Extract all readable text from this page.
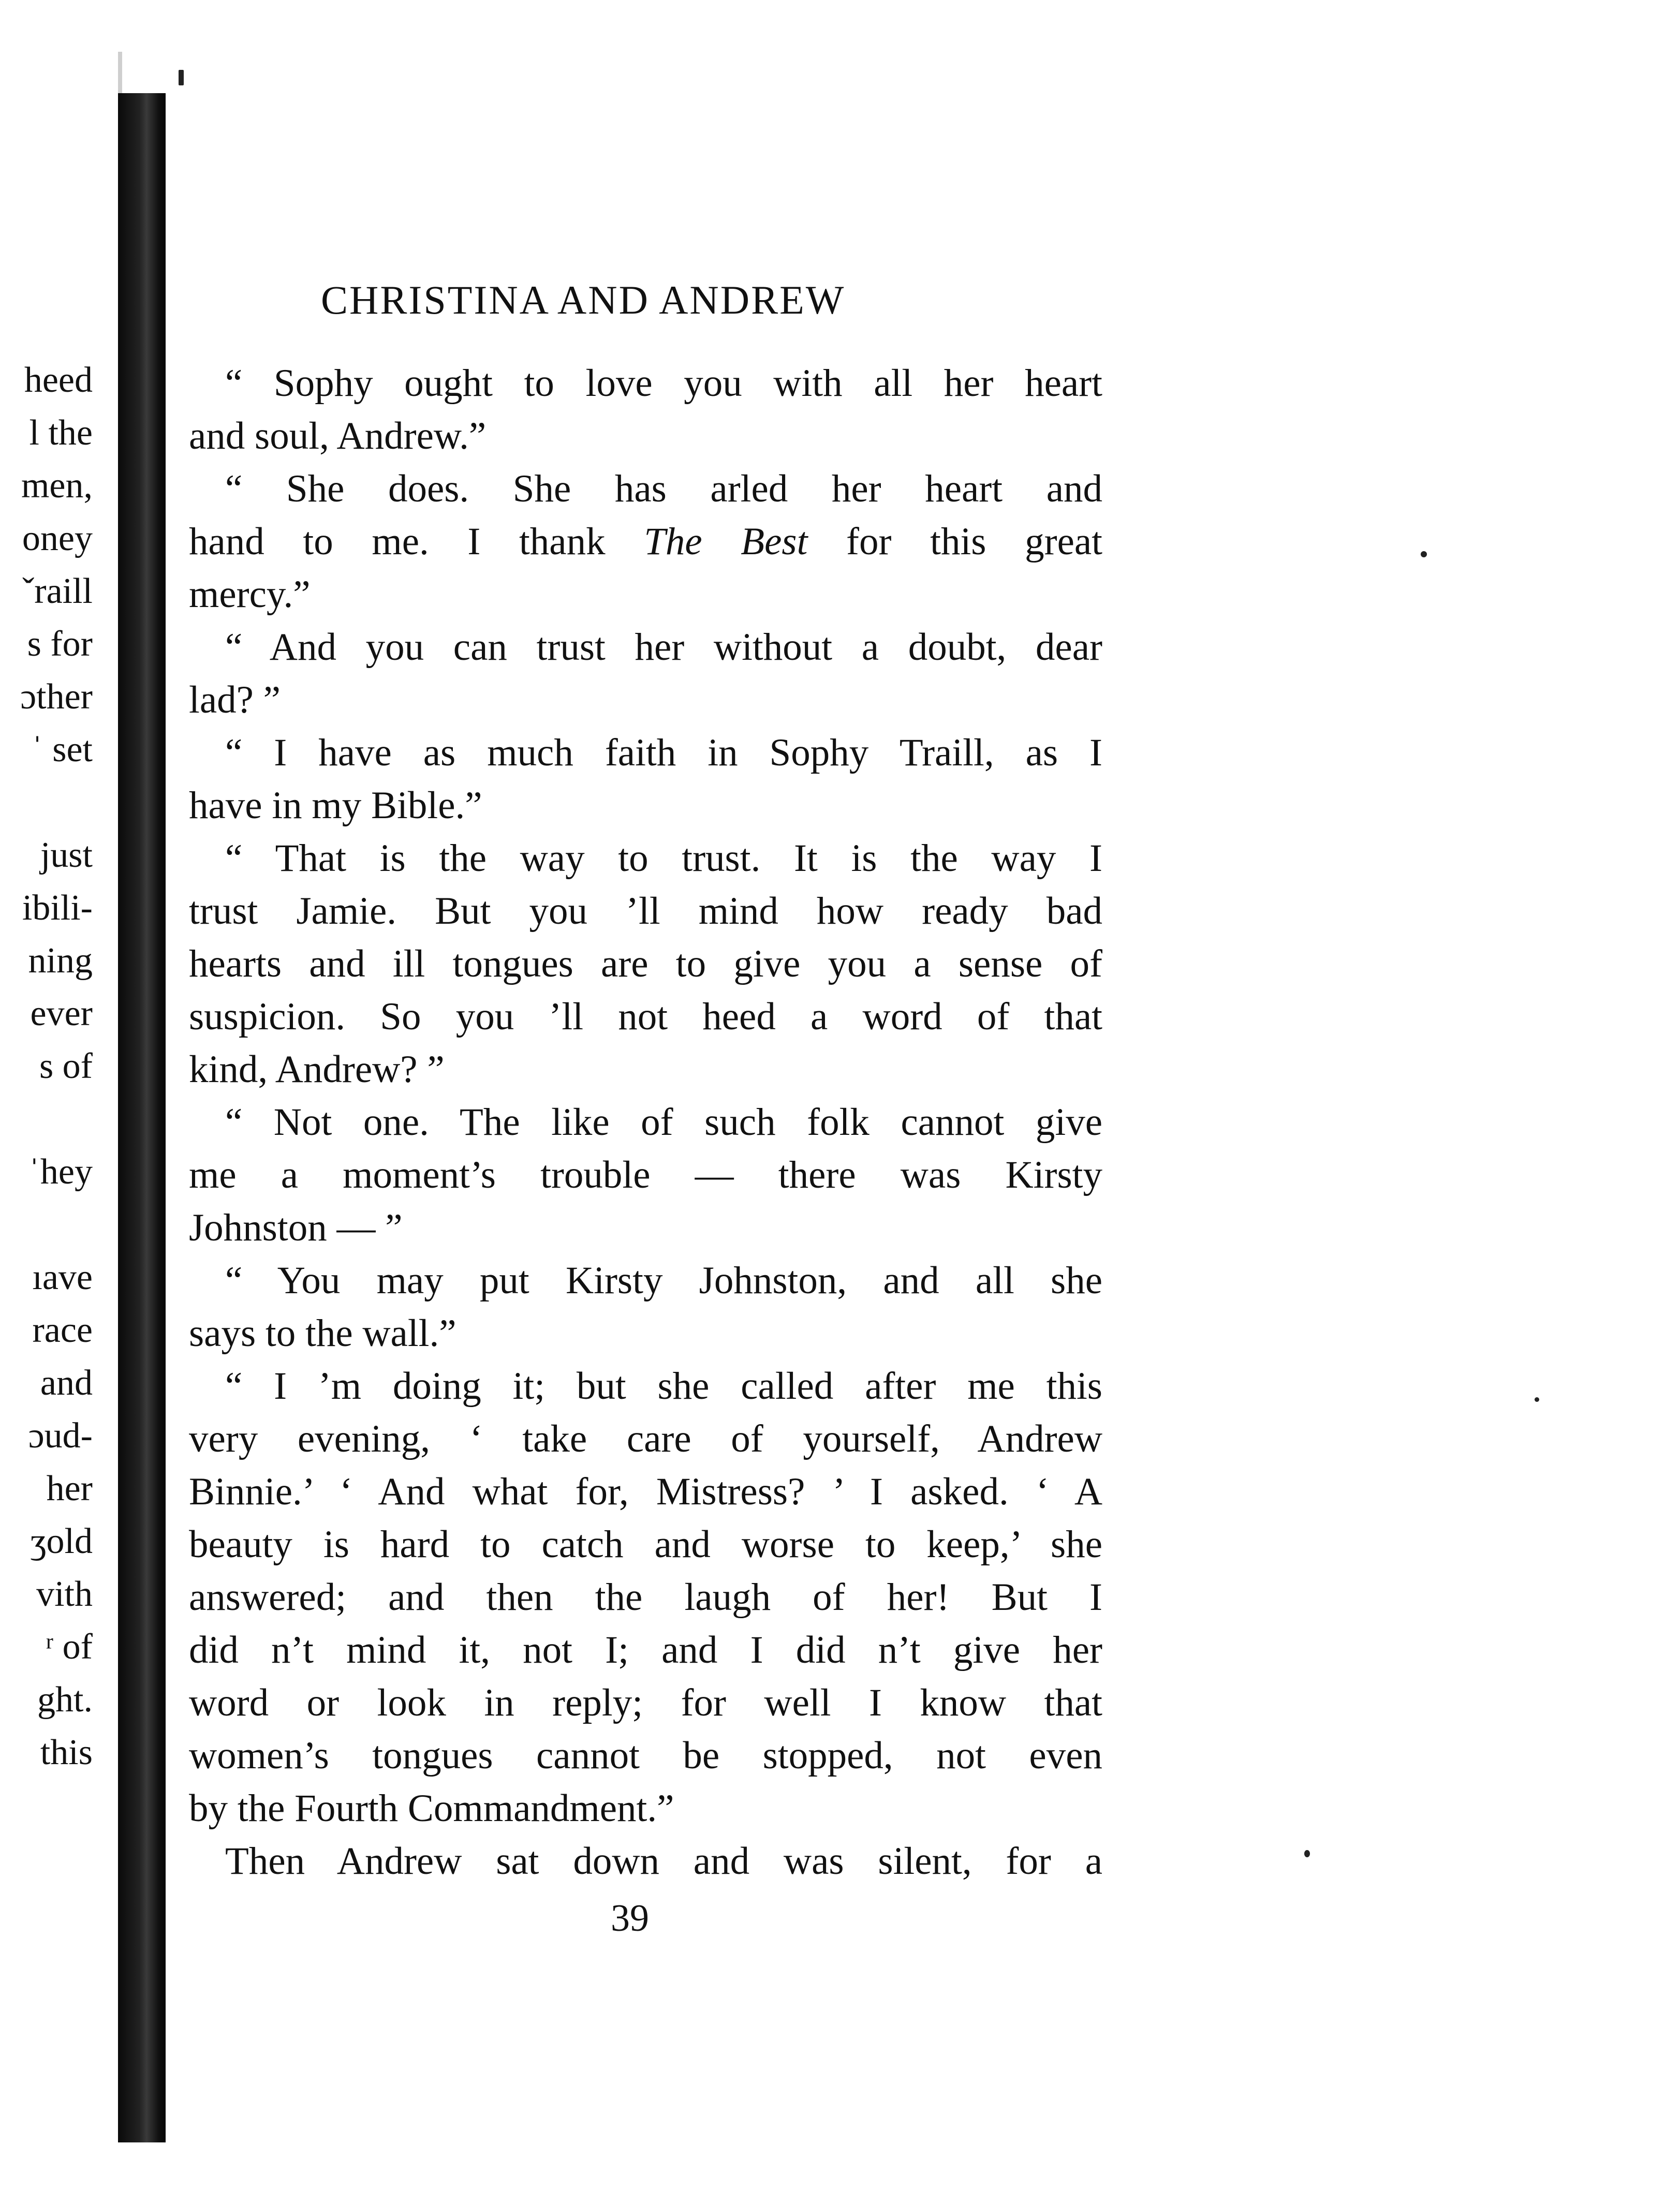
heed
l the
men,
oney
ˇraill
s for
ɔther
ˈ set
just
ibili-
ning
ever
s of
ˈhey
ıave
race
and
ɔud-
her
ʒold
vith
ʳ of
ght.
this
CHRISTINA AND ANDREW
“ Sophy ought to love you with all her heart
and soul, Andrew.”
“ She does. She has arled her heart and
hand to me. I thank The Best for this great
mercy.”
“ And you can trust her without a doubt, dear
lad? ”
“ I have as much faith in Sophy Traill, as I
have in my Bible.”
“ That is the way to trust. It is the way I
trust Jamie. But you ’ll mind how ready bad
hearts and ill tongues are to give you a sense of
suspicion. So you ’ll not heed a word of that
kind, Andrew? ”
“ Not one. The like of such folk cannot give
me a moment’s trouble — there was Kirsty
Johnston — ”
“ You may put Kirsty Johnston, and all she
says to the wall.”
“ I ’m doing it; but she called after me this
very evening, ‘ take care of yourself, Andrew
Binnie.’ ‘ And what for, Mistress? ’ I asked. ‘ A
beauty is hard to catch and worse to keep,’ she
answered; and then the laugh of her! But I
did n’t mind it, not I; and I did n’t give her
word or look in reply; for well I know that
women’s tongues cannot be stopped, not even
by the Fourth Commandment.”
Then Andrew sat down and was silent, for a
39
